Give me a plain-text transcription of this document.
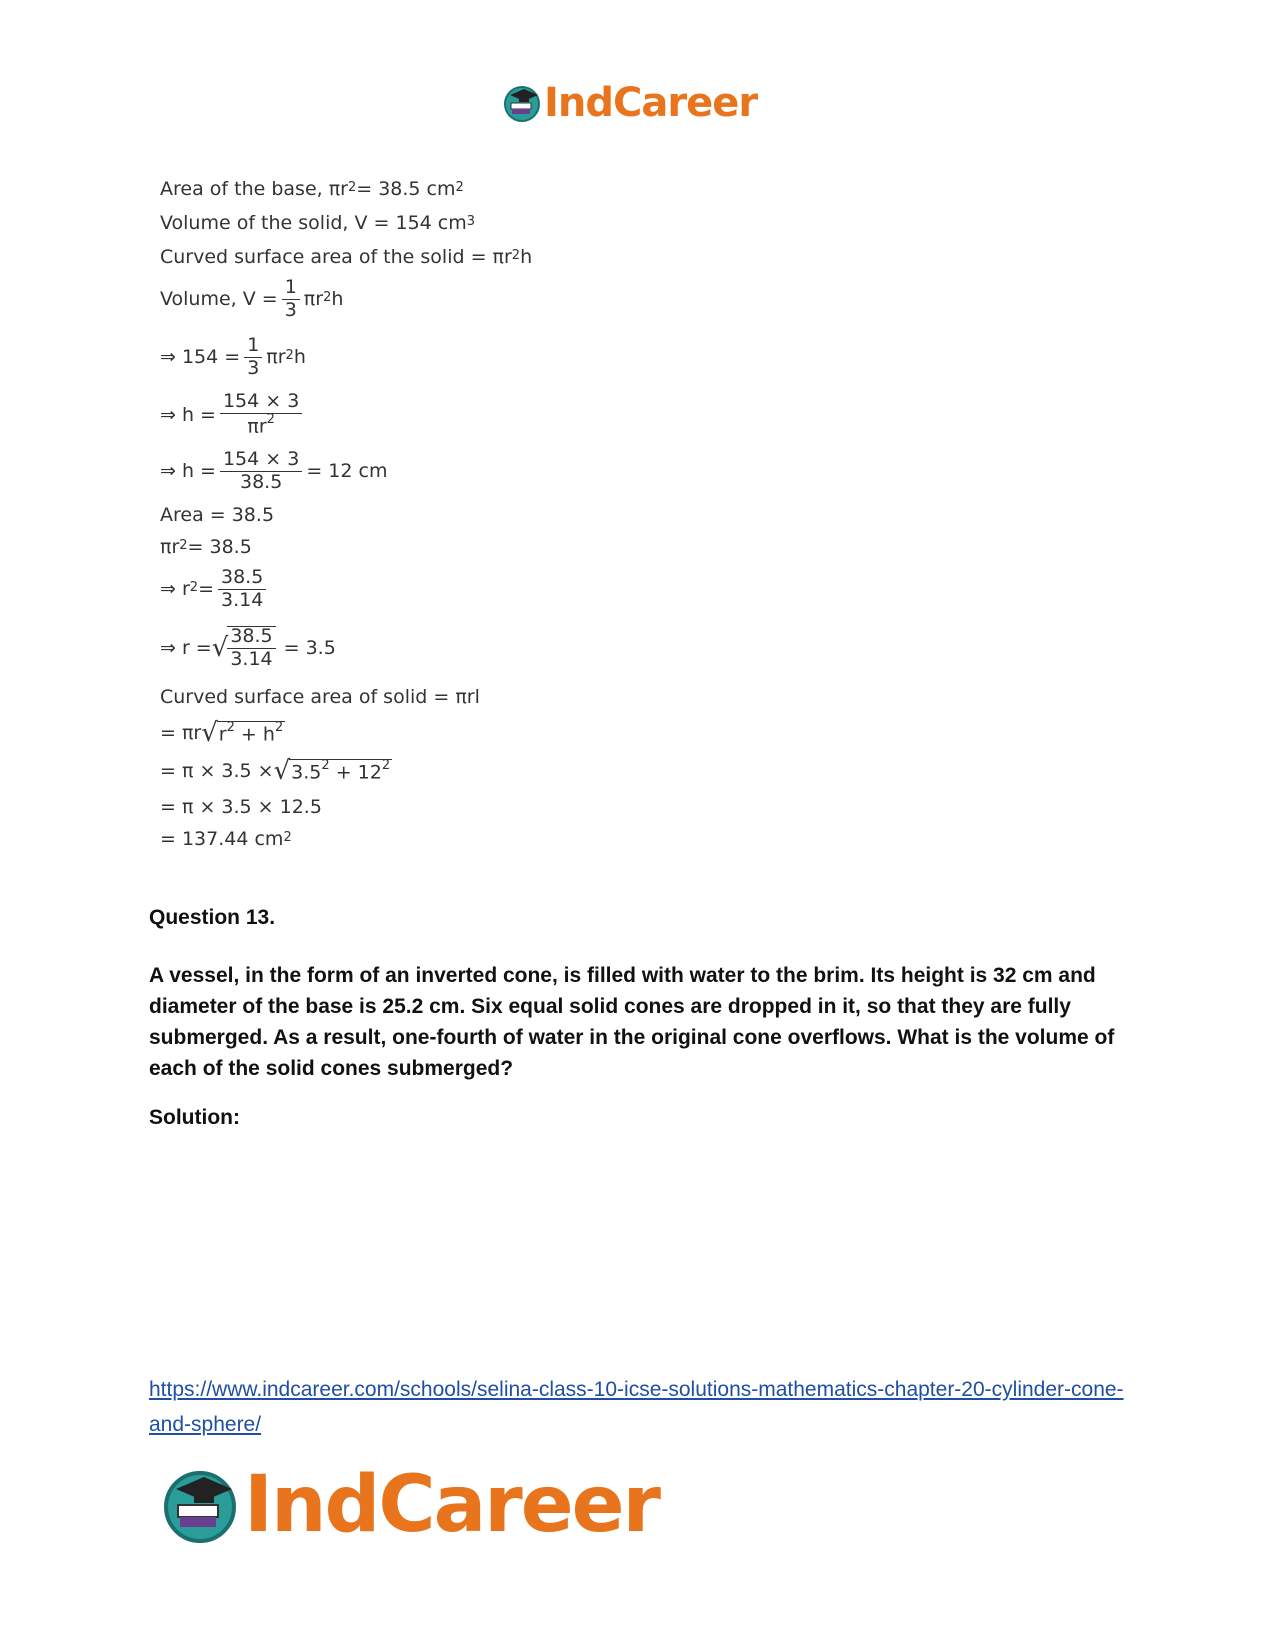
IndCareer
Area of the base, $\pi r^2 = 38.5$ $cm^2$
Volume of the solid, V = 154 $cm^3$
Curved surface area of the solid = $\pi r^2$ h
Volume, $V = \frac{1}{3} \pi r^2$ h
⇒ $154 = \frac{1}{3} \pi r^2$ h
⇒ $h = \frac{154 \times 3}{\pi r^2}$
⇒ $h = \frac{154 \times 3}{38.5} = 12$ cm
Area = 38.5
$\pi r^2 = 38.5$
⇒ $r^2 = \frac{38.5}{3.14}$
⇒ r = √ $\frac{38.5}{3.14} = 3.5$
Curved surface area of solid = πrl
= πr √ $r^2 + h^2$
= π × 3.5 × √ $3.5^2 + 12^2$
= π × 3.5 × 12.5
= 137.44 $cm^2$
Question 13.
A vessel, in the form of an inverted cone, is filled with water to the brim. Its height is 32 cm and diameter of the base is 25.2 cm. Six equal solid cones are dropped in it, so that they are fully submerged. As a result, one-fourth of water in the original cone overflows. What is the volume of each of the solid cones submerged?
Solution:
https://www.indcareer.com/schools/selina-class-10-icse-solutions-mathematics-chapter-20-cylinder-cone-and-sphere/
IndCareer
